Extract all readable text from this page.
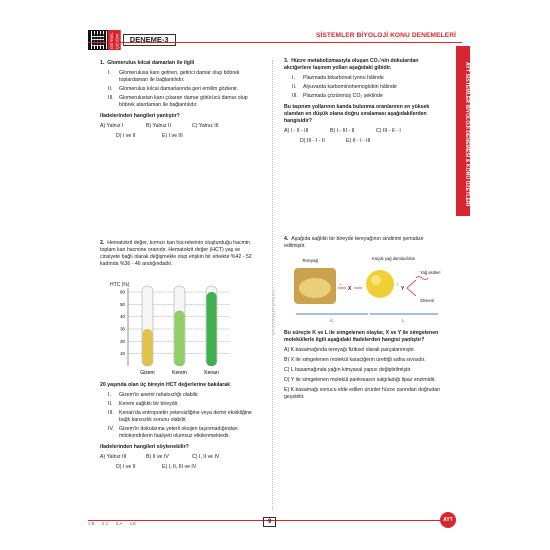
GÖRSEL ÇÖZÜM	DENEME-3	SİSTEMLER BİYOLOJİ KONU DENEMELERİ
AYT SİSTEMLER BİYOLOJİ DENEMESİ & KONU ÖZETLERİ
AYT SİSTEMLER BİYOLOJİ

1. Glomerulus kılcal damarları ile ilgili

I.	Glomerulusa kanı getiren, getirici damar olup böbrek toplardamarı ile bağlantılıdır.
II.	Glomerulus kılcal damarlarında geri emilim gözlenir.
III.	Glomerulustan kanı çıkaran damar götürücü damar olup böbrek atardamarı ile bağlantılıdır.

ifadelerinden hangileri yanlıştır?

A) Yalnız I	B) Yalnız II	C) Yalnız III
D) I ve II	E) I ve III

2. Hematokrit değer, kırmızı kan hücrelerinin oluşturduğu hacmin toplam kan hacmine oranıdır. Hematokrit değer (HCT) yaş ve cinsiyete bağlı olarak değişmekle olup erişkin bir erkekte %42 - 52 kadında %36 - 46 aralığındadır.

HTC (%)
10
20
30
40
50
60
Gizem	Kerem	Kenan

20 yaşında olan üç bireyin HCT değerlerine bakılarak

I.	Gizem'in anemi rahatsızlığı olabilir.
II.	Kerem sağlıklı bir bireydir.
III.	Kenan'da entropoetin yetersizliğine veya demir eksikliğine bağlı kansızlık sorunu olabilir.
IV. Gizem'in dokularına yeterli oksijen taşınmadığından mitokondrilerin faaliyeti olumsuz etkilenmektedir.

ifadelerinden hangileri söylenebilir?

A) Yalnız III	B) II ve IV	C) I, II ve IV
D) I ve II	E) I, II, III ve IV

3. Hücre metabolizmasıyla oluşan CO₂'nin dokulardan akciğerlere taşınım yolları aşağıdaki gibidir.

I.	Plazmada bikarbonat iyonu hâlinde
II.	Alyuvarda karbominohemoglobin hâlinde
III.	Plazmada çözünmüş CO₂ şeklinde

Bu taşınım yollarının kanda bulunma oranlarının en yüksek olandan en düşük olana doğru sıralaması aşağıdakilerden hangisidir?

A) I - II - III	B) I - III - II	C) III - II - I
D) III - I - II	E) II - I - III

4. Aşağıda sağlıklı bir bireyde tereyağının sindirimi şematize edilmiştir.

Tereyağ
+
X
Küçük yağ damlacıkları
+
Y
Yağ asitleri
Gliserol
K	L

Bu süreçte K ve L ile simgelenen olaylar, X ve Y ile simgelenen moleküllerle ilgili aşağıdaki ifadelerden hangisi yanlıştır?

A) K basamağında tereyağı fiziksel olarak parçalanmıştır.

B) X ile simgelenen molekül karaciğerin ürettiği safra sıvısıdır.

C) L basamağında yağın kimyasal yapısı değiştirilmiştir.

D) Y ile simgelenen molekül pankreasın salgıladığı lipaz enzimidir.

E) K basamağı sonucu elde edilen ürünler hücre zarından doğrudan geçebilir.

1.B 2.C 3.A 4.E	9	AYT
